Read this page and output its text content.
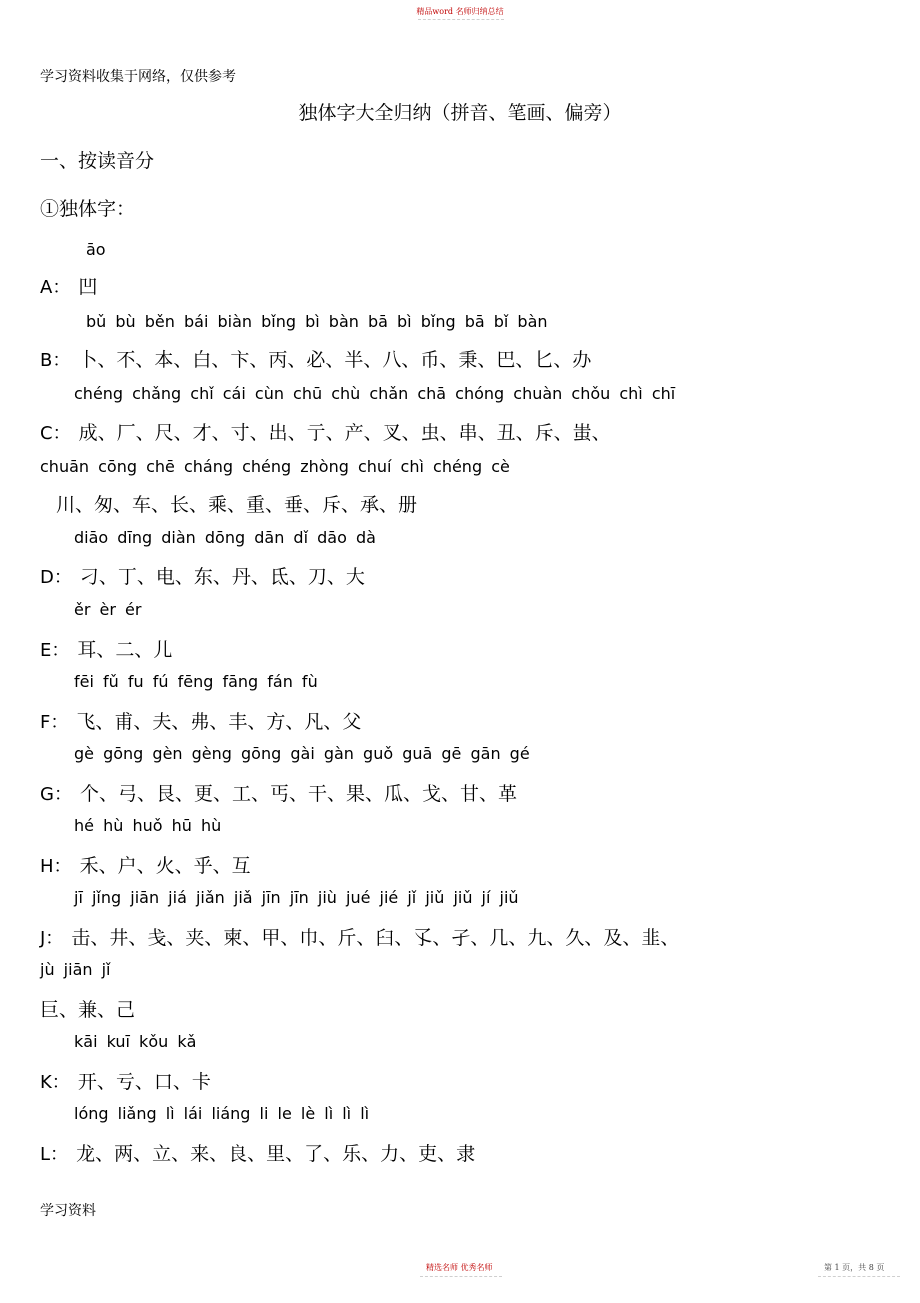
精品word 名师归纳总结
学习资料收集于网络，仅供参考
独体字大全归纳（拼音、笔画、偏旁）
一、按读音分
①独体字：
āo
A： 凹
bǔ bù běn bái biàn bǐng bì bàn bā bì bǐng bā bǐ bàn
B： 卜、不、本、白、卞、丙、必、半、八、币、秉、巴、匕、办
chéng chǎng chǐ cái cùn chū chù chǎn chā chóng chuàn chǒu chì chī
C： 成、厂、尺、才、寸、出、亍、产、叉、虫、串、丑、斥、蚩、
chuān cōng chē cháng chéng zhòng chuí chì chéng cè
川、匆、车、长、乘、重、垂、斥、承、册
diāo dīng diàn dōng dān dǐ dāo dà
D： 刁、丁、电、东、丹、氐、刀、大
ěr èr ér
E： 耳、二、儿
fēi fǔ fu fú fēng fāng fán fù
F： 飞、甫、夫、弗、丰、方、凡、父
gè gōng gèn gèng gōng gài gàn guǒ guā gē gān gé
G： 个、弓、艮、更、工、丐、干、果、瓜、戈、甘、革
hé hù huǒ hū hù
H： 禾、户、火、乎、互
jī jǐng jiān jiá jiǎn jiǎ jīn jīn jiù jué jié jǐ jiǔ jiǔ jí jiǔ
J： 击、井、戋、夹、柬、甲、巾、斤、臼、孓、孑、几、九、久、及、韭、
jù jiān jǐ
巨、兼、己
kāi kuī kǒu kǎ
K： 开、亏、口、卡
lóng liǎng lì lái liáng li le lè lì lì lì
L： 龙、两、立、来、良、里、了、乐、力、吏、隶
学习资料
精选名师 优秀名师	第 1 页，共 8 页
